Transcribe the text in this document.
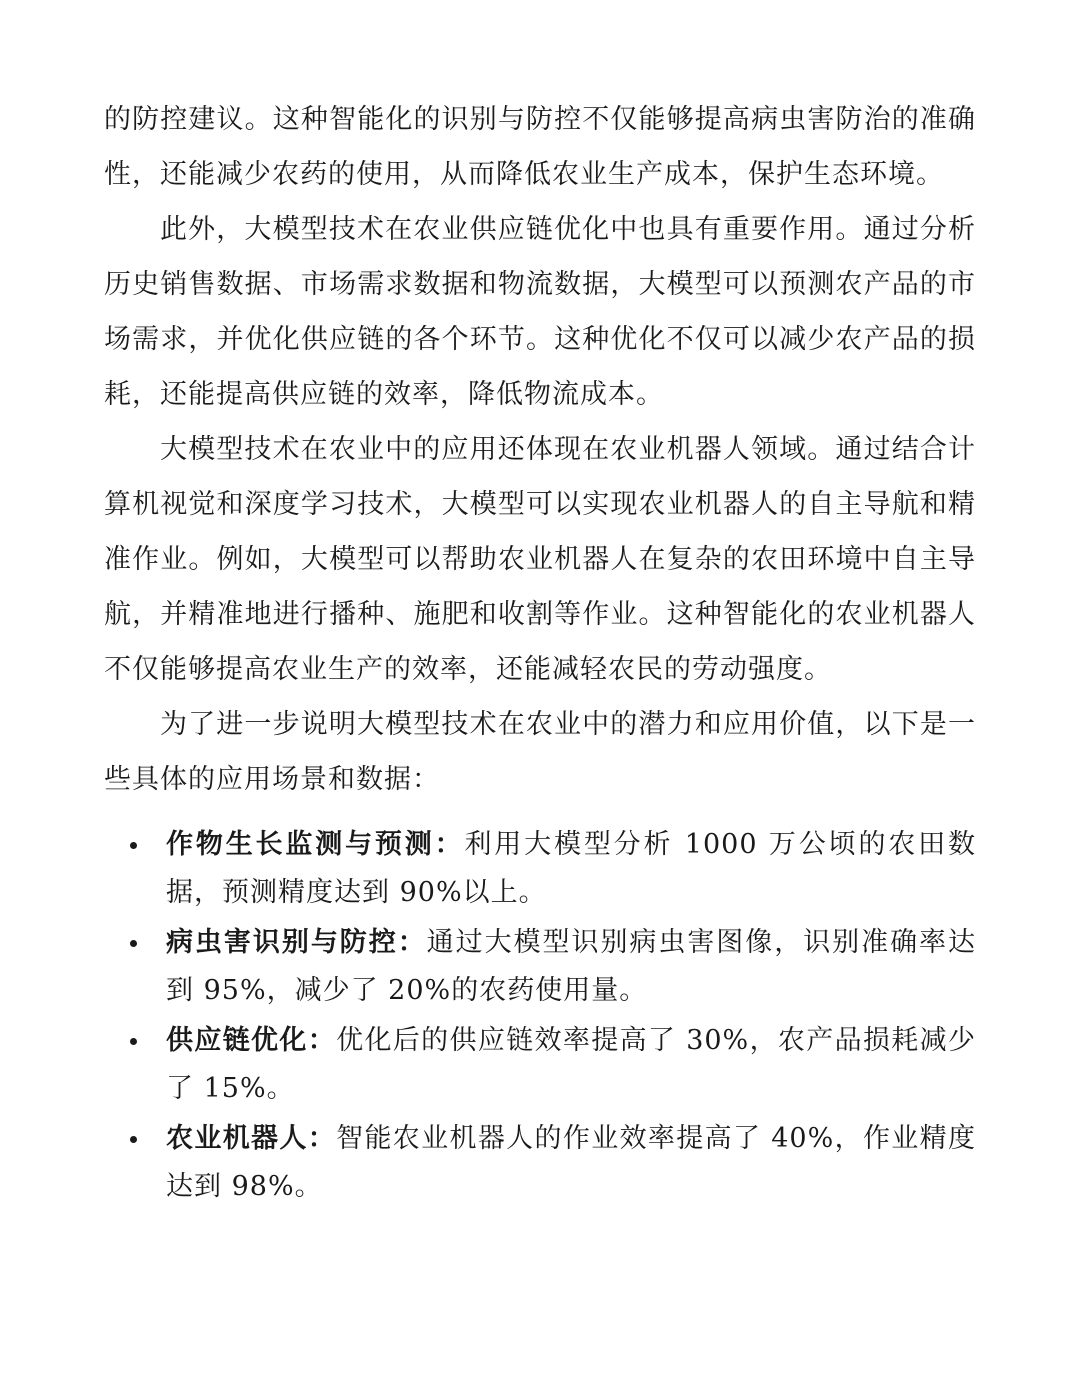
的防控建议。这种智能化的识别与防控不仅能够提高病虫害防治的准确性，还能减少农药的使用，从而降低农业生产成本，保护生态环境。

此外，大模型技术在农业供应链优化中也具有重要作用。通过分析历史销售数据、市场需求数据和物流数据，大模型可以预测农产品的市场需求，并优化供应链的各个环节。这种优化不仅可以减少农产品的损耗，还能提高供应链的效率，降低物流成本。

大模型技术在农业中的应用还体现在农业机器人领域。通过结合计算机视觉和深度学习技术，大模型可以实现农业机器人的自主导航和精准作业。例如，大模型可以帮助农业机器人在复杂的农田环境中自主导航，并精准地进行播种、施肥和收割等作业。这种智能化的农业机器人不仅能够提高农业生产的效率，还能减轻农民的劳动强度。

为了进一步说明大模型技术在农业中的潜力和应用价值，以下是一些具体的应用场景和数据：

作物生长监测与预测：利用大模型分析 1000 万公顷的农田数据，预测精度达到 90%以上。
病虫害识别与防控：通过大模型识别病虫害图像，识别准确率达到 95%，减少了 20%的农药使用量。
供应链优化：优化后的供应链效率提高了 30%，农产品损耗减少了 15%。
农业机器人：智能农业机器人的作业效率提高了 40%，作业精度达到 98%。
